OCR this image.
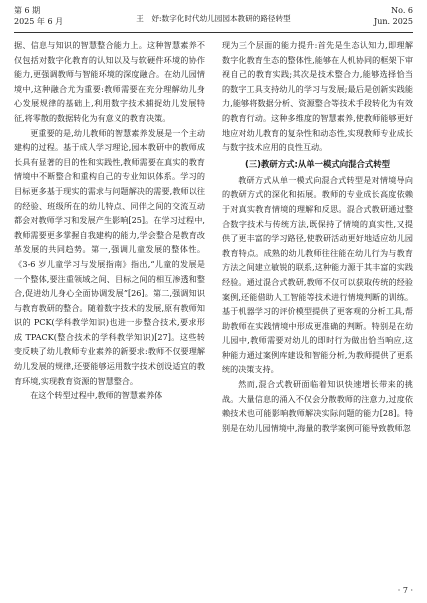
第 6 期
2025 年 6 月	王　妤:数字化时代幼儿园园本教研的路径转型
No. 6
Jun. 2025

据、信息与知识的智慧整合能力上。这种智慧素养不仅包括对数字化教育的认知以及与软硬件环境的协作能力,更强调教师与智能环境的深度融合。在幼儿园情境中,这种融合尤为重要:教师需要在充分理解幼儿身心发展规律的基础上,利用数字技术捕捉幼儿发展特征,将零散的数据转化为有意义的教育决策。

更重要的是,幼儿教师的智慧素养发展是一个主动建构的过程。基于成人学习理论,园本教研中的教师成长具有显著的目的性和实践性,教师需要在真实的教育情境中不断整合和重构自己的专业知识体系。学习的目标更多基于现实的需求与问题解决的需要,教师以往的经验、班级所在的幼儿特点、同伴之间的交流互动都会对教师学习和发展产生影响[25]。在学习过程中,教师需要更多掌握自我建构的能力,学会整合是教育改革发展的共同趋势。第一,强调儿童发展的整体性。《3-6 岁儿童学习与发展指南》指出,“儿童的发展是一个整体,要注重领域之间、目标之间的相互渗透和整合,促进幼儿身心全面协调发展”[26]。第二,强调知识与教育教研的整合。随着数字技术的发展,原有教师知识的 PCK(学科教学知识)也进一步整合技术,要求形成 TPACK(整合技术的学科教学知识)[27]。这些转变反映了幼儿教师专业素养的新要求:教师不仅要理解幼儿发展的规律,还要能够运用数字技术创设适宜的教育环境,实现教育资源的智慧整合。

在这个转型过程中,教师的智慧素养体

现为三个层面的能力提升:首先是生态认知力,即理解数字化教育生态的整体性,能够在人机协同的框架下审视自己的教育实践;其次是技术整合力,能够选择恰当的数字工具支持幼儿的学习与发展;最后是创新实践能力,能够将数据分析、资源整合等技术手段转化为有效的教育行动。这种多维度的智慧素养,使教师能够更好地应对幼儿教育的复杂性和动态性,实现教师专业成长与数字技术应用的良性互动。

(三)教研方式:从单一模式向混合式转型

教研方式从单一模式向混合式转型是对情境导向的教研方式的深化和拓展。教师的专业成长高度依赖于对真实教育情境的理解和反思。混合式教研通过整合数字技术与传统方法,既保持了情境的真实性,又提供了更丰富的学习路径,使教研活动更好地适应幼儿园教育特点。成熟的幼儿教师往往能在幼儿行为与教育方法之间建立敏锐的联系,这种能力源于其丰富的实践经验。通过混合式教研,教师不仅可以获取传统的经验案例,还能借助人工智能等技术进行情境判断的训练。基于机器学习的评价模型提供了更客观的分析工具,帮助教师在实践情境中形成更准确的判断。特别是在幼儿园中,教师需要对幼儿的即时行为做出恰当响应,这种能力通过案例库建设和智能分析,为教师提供了更系统的决策支持。

然而,混合式教研面临着知识快速增长带来的挑战。大量信息的涌入不仅会分散教师的注意力,过度依赖技术也可能影响教师解决实际问题的能力[28]。特别是在幼儿园情境中,海量的教学案例可能导致教师忽

· 7 ·
